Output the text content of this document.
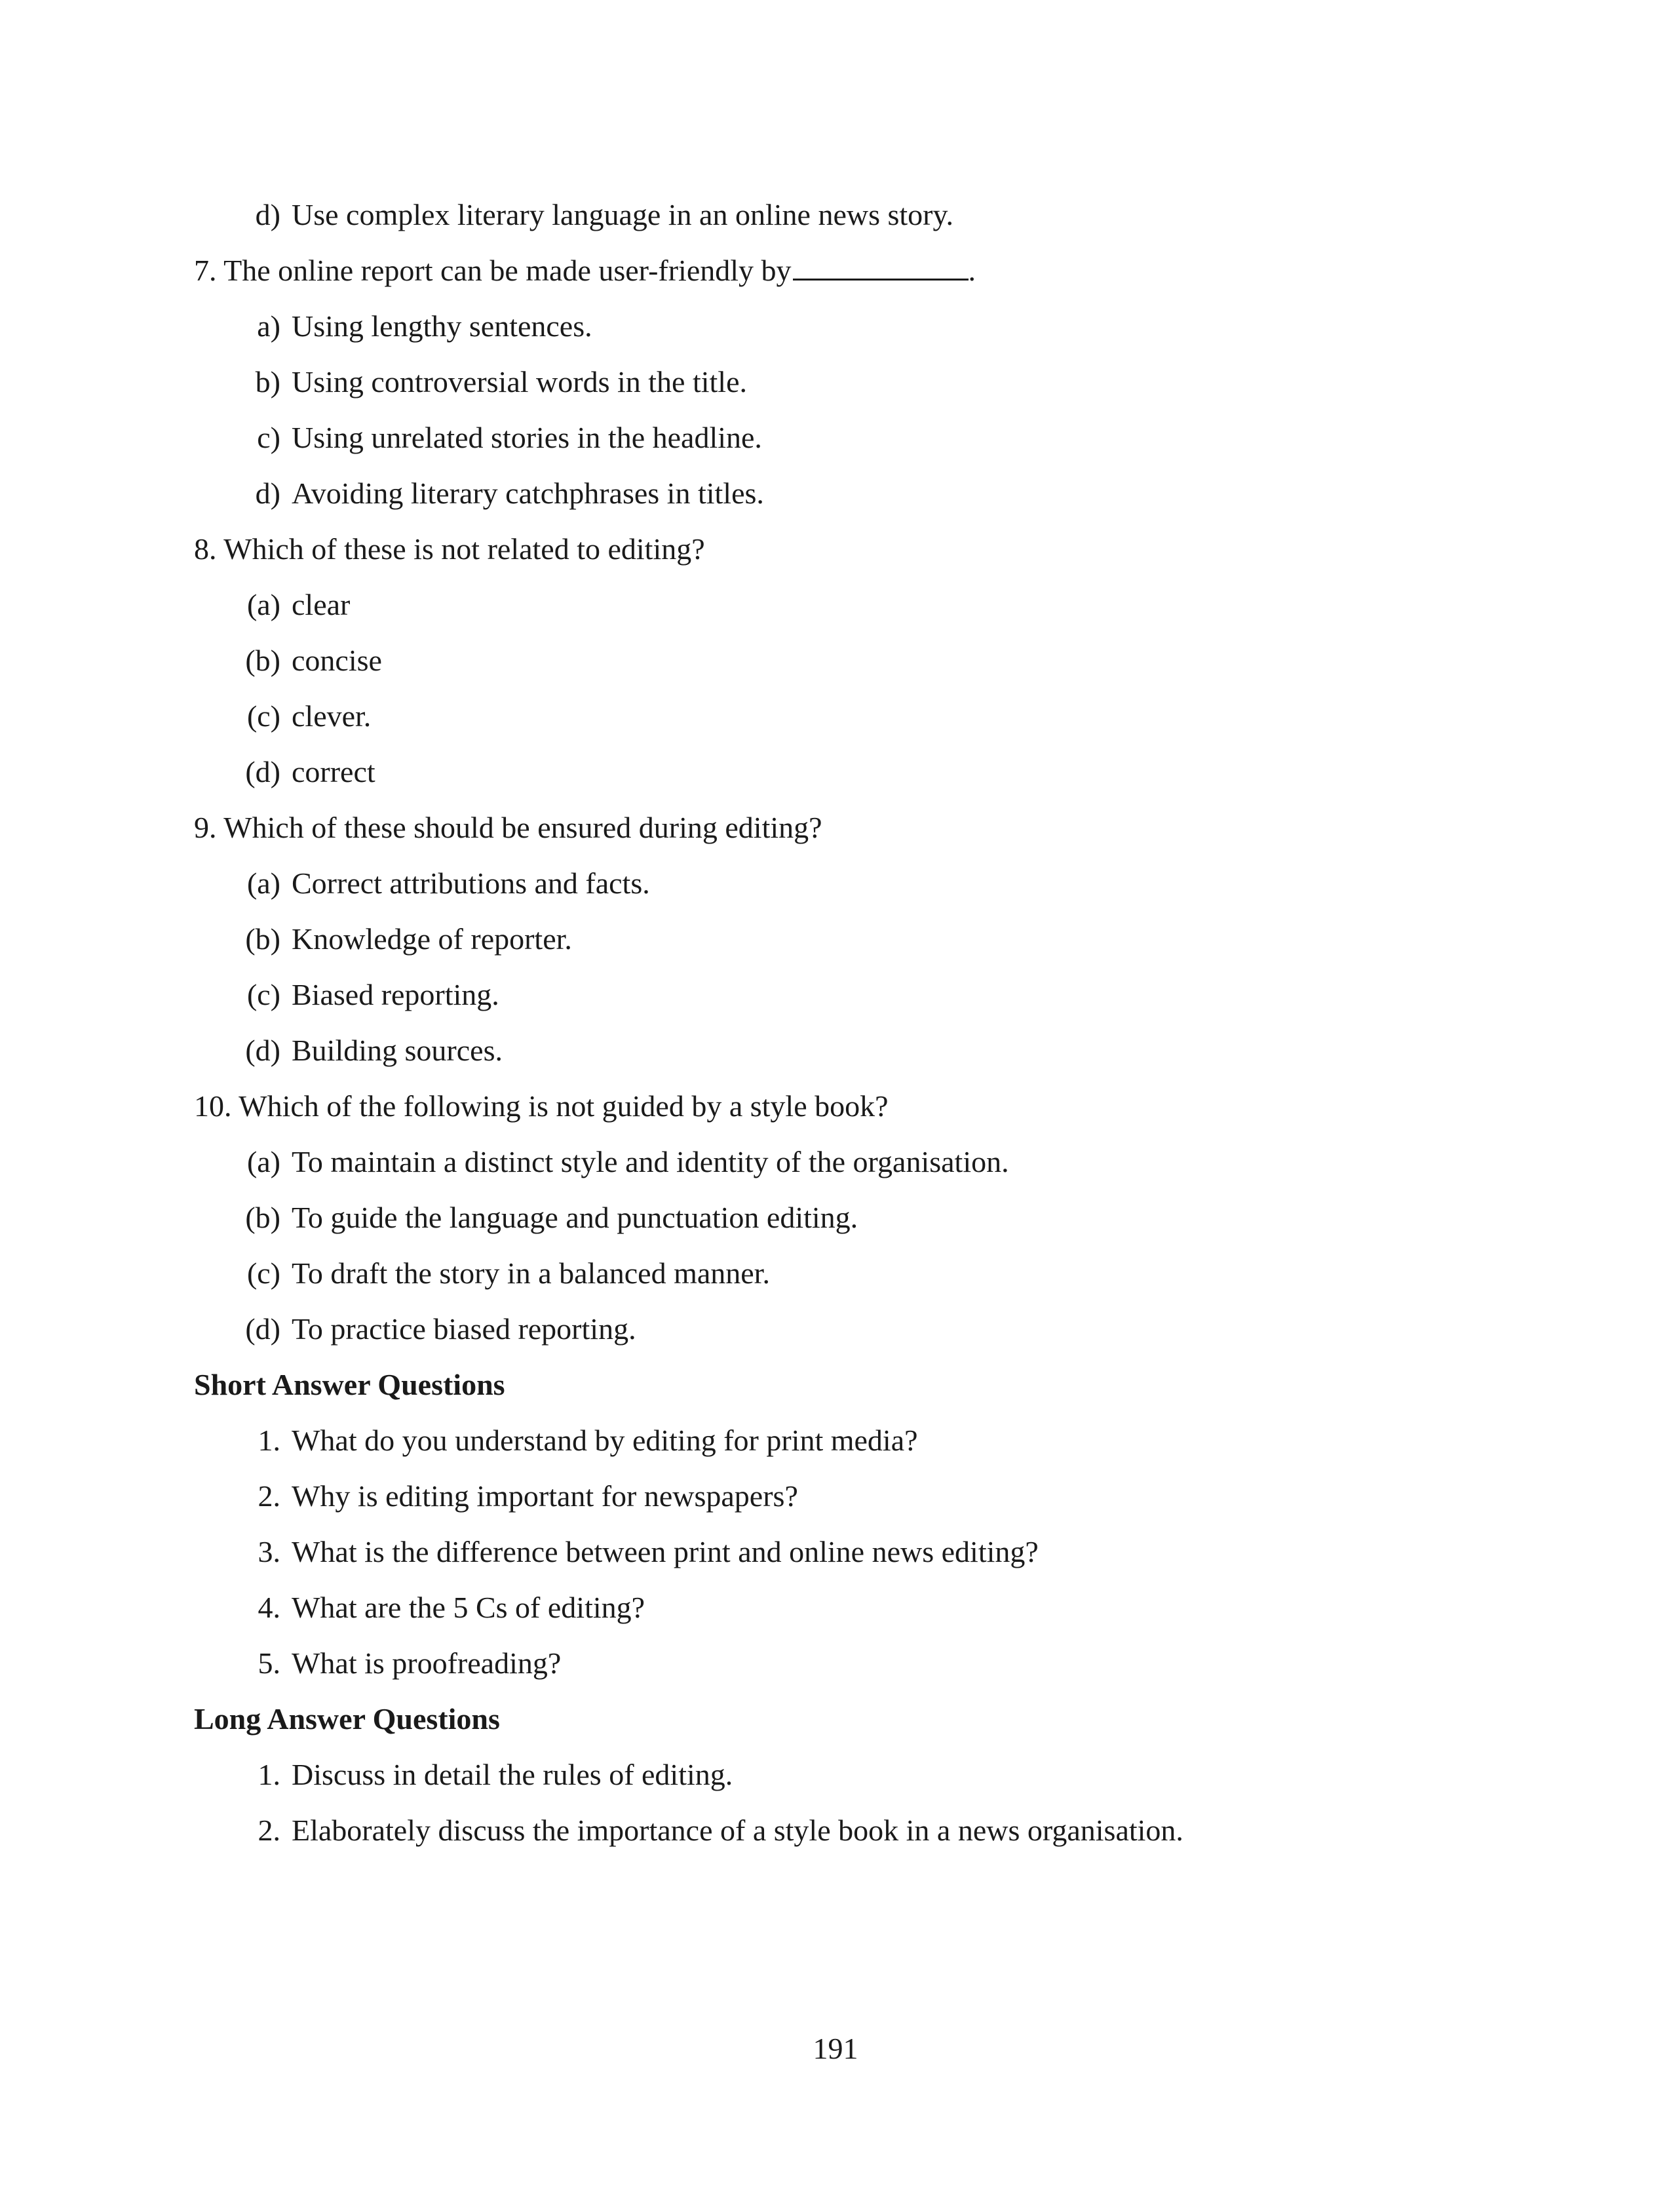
d) Use complex literary language in an online news story.
7. The online report can be made user-friendly by	.
a) Using lengthy sentences.
b) Using controversial words in the title.
c) Using unrelated stories in the headline.
d) Avoiding literary catchphrases in titles.
8. Which of these is not related to editing?
(a) clear
(b) concise
(c) clever.
(d) correct
9. Which of these should be ensured during editing?
(a) Correct attributions and facts.
(b) Knowledge of reporter.
(c) Biased reporting.
(d) Building sources.
10. Which of the following is not guided by a style book?
(a) To maintain a distinct style and identity of the organisation.
(b) To guide the language and punctuation editing.
(c) To draft the story in a balanced manner.
(d) To practice biased reporting.
Short Answer Questions
1. What do you understand by editing for print media?
2. Why is editing important for newspapers?
3. What is the difference between print and online news editing?
4. What are the 5 Cs of editing?
5. What is proofreading?
Long Answer Questions
1. Discuss in detail the rules of editing.
2. Elaborately discuss the importance of a style book in a news organisation.
191
